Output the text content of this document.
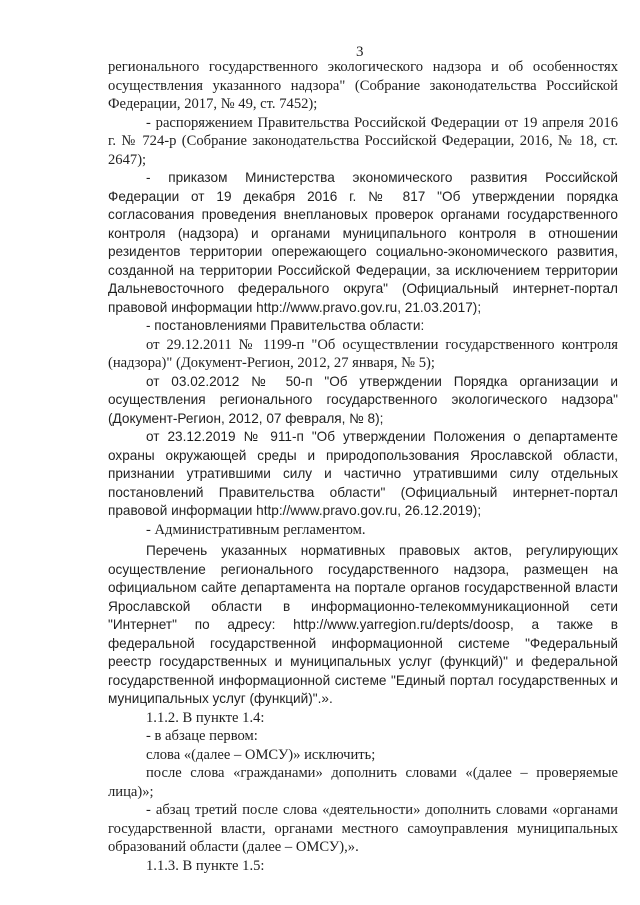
3

регионального государственного экологического надзора и об особенностях осуществления указанного надзора" (Собрание законодательства Российской Федерации, 2017, № 49, ст. 7452);

- распоряжением Правительства Российской Федерации от 19 апреля 2016 г. № 724-р (Собрание законодательства Российской Федерации, 2016, № 18, ст. 2647);

- приказом Министерства экономического развития Российской Федерации от 19 декабря 2016 г. № 817 "Об утверждении порядка согласования проведения внеплановых проверок органами государственного контроля (надзора) и органами муниципального контроля в отношении резидентов территории опережающего социально-экономического развития, созданной на территории Российской Федерации, за исключением территории Дальневосточного федерального округа" (Официальный интернет-портал правовой информации http://www.pravo.gov.ru, 21.03.2017);

- постановлениями Правительства области:

от 29.12.2011 № 1199-п "Об осуществлении государственного контроля (надзора)" (Документ-Регион, 2012, 27 января, № 5);

от 03.02.2012 № 50-п "Об утверждении Порядка организации и осуществления регионального государственного экологического надзора" (Документ-Регион, 2012, 07 февраля, № 8);

от 23.12.2019 № 911-п "Об утверждении Положения о департаменте охраны окружающей среды и природопользования Ярославской области, признании утратившими силу и частично утратившими силу отдельных постановлений Правительства области" (Официальный интернет-портал правовой информации http://www.pravo.gov.ru, 26.12.2019);

- Административным регламентом.

Перечень указанных нормативных правовых актов, регулирующих осуществление регионального государственного надзора, размещен на официальном сайте департамента на портале органов государственной власти Ярославской области в информационно-телекоммуникационной сети "Интернет" по адресу: http://www.yarregion.ru/depts/doosp, а также в федеральной государственной информационной системе "Федеральный реестр государственных и муниципальных услуг (функций)" и федеральной государственной информационной системе "Единый портал государственных и муниципальных услуг (функций)".».

1.1.2. В пункте 1.4:

- в абзаце первом:

слова «(далее – ОМСУ)» исключить;

после слова «гражданами» дополнить словами «(далее – проверяемые лица)»;

- абзац третий после слова «деятельности» дополнить словами «органами государственной власти, органами местного самоуправления муниципальных образований области (далее – ОМСУ),».

1.1.3. В пункте 1.5:
